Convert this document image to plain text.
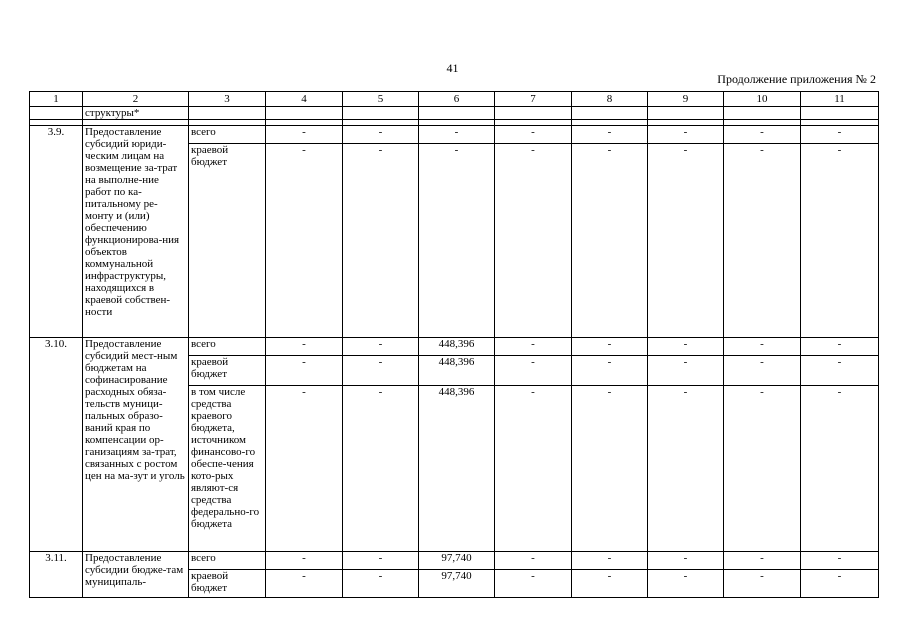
41
Продолжение приложения № 2
1	2	3	4	5	6	7	8	9	10	11
	структуры*									

3.9.	Предоставление субсидий юриди-ческим лицам на возмещение за-трат на выполне-ние работ по ка-питальному ре-монту и (или) обеспечению функционирова-ния объектов коммунальной инфраструктуры, находящихся в краевой собствен-ности	всего	-	-	-	-	-	-	-	-
		краевой бюджет	-	-	-	-	-	-	-	-
3.10.	Предоставление субсидий мест-ным бюджетам на софинасирование расходных обяза-тельств муници-пальных образо-ваний края по компенсации ор-ганизациям за-трат, связанных с ростом цен на ма-зут и уголь	всего	-	-	448,396	-	-	-	-	-
		краевой бюджет	-	-	448,396	-	-	-	-	-
		в том числе средства краевого бюджета, источником финансово-го обеспе-чения кото-рых являют-ся средства федерально-го бюджета	-	-	448,396	-	-	-	-	-
3.11.	Предоставление субсидии бюдже-там муниципаль-	всего	-	-	97,740	-	-	-	-	-
		краевой бюджет	-	-	97,740	-	-	-	-	-
